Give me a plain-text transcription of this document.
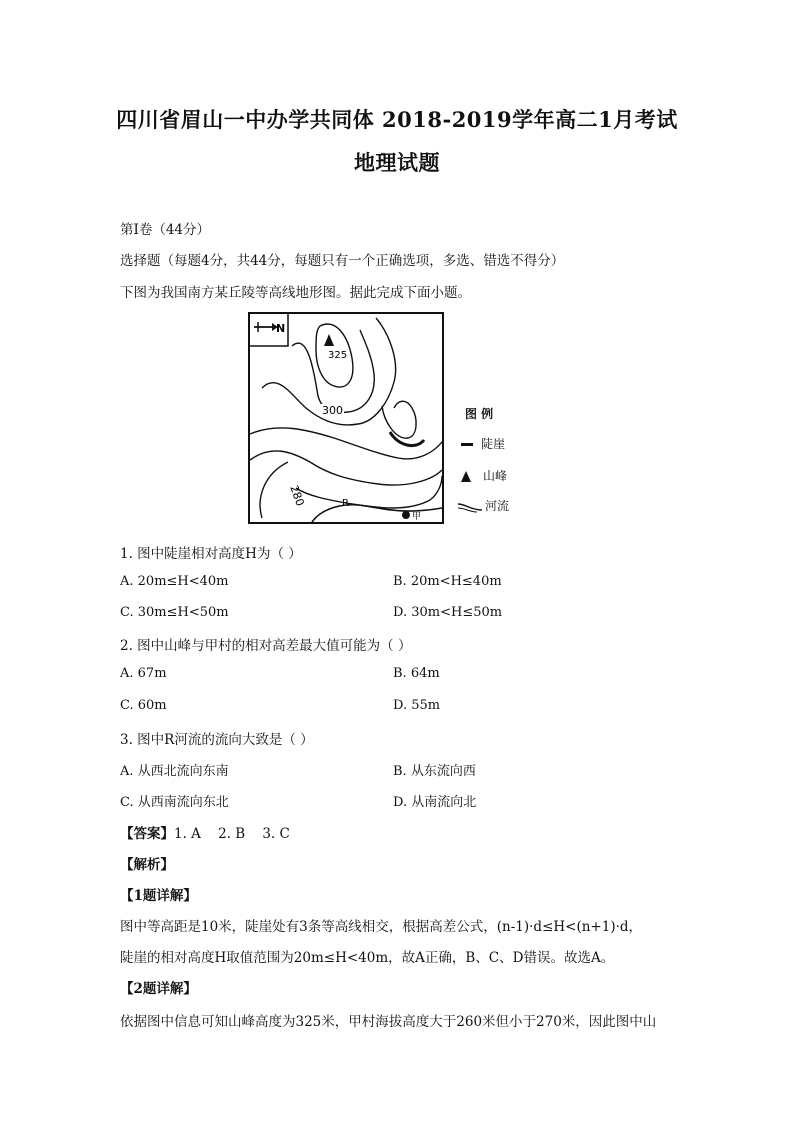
四川省眉山一中办学共同体 2018-2019学年高二1月考试
地理试题
第Ⅰ卷（44分）
选择题（每题4分，共44分，每题只有一个正确选项，多选、错选不得分）
下图为我国南方某丘陵等高线地形图。据此完成下面小题。
N
325
300
280	R
甲
图 例
陡崖
山峰
河流
1. 图中陡崖相对高度H为（ ）
A. 20m≤H<40m	B. 20m<H≤40m
C. 30m≤H<50m	D. 30m<H≤50m
2. 图中山峰与甲村的相对高差最大值可能为（ ）
A. 67m	B. 64m
C. 60m	D. 55m
3. 图中R河流的流向大致是（ ）
A. 从西北流向东南	B. 从东流向西
C. 从西南流向东北	D. 从南流向北
【答案】1. A    2. B    3. C
【解析】
【1题详解】
图中等高距是10米，陡崖处有3条等高线相交，根据高差公式，(n-1)·d≤H<(n+1)·d，
陡崖的相对高度H取值范围为20m≤H<40m，故A正确，B、C、D错误。故选A。
【2题详解】
依据图中信息可知山峰高度为325米，甲村海拔高度大于260米但小于270米，因此图中山
